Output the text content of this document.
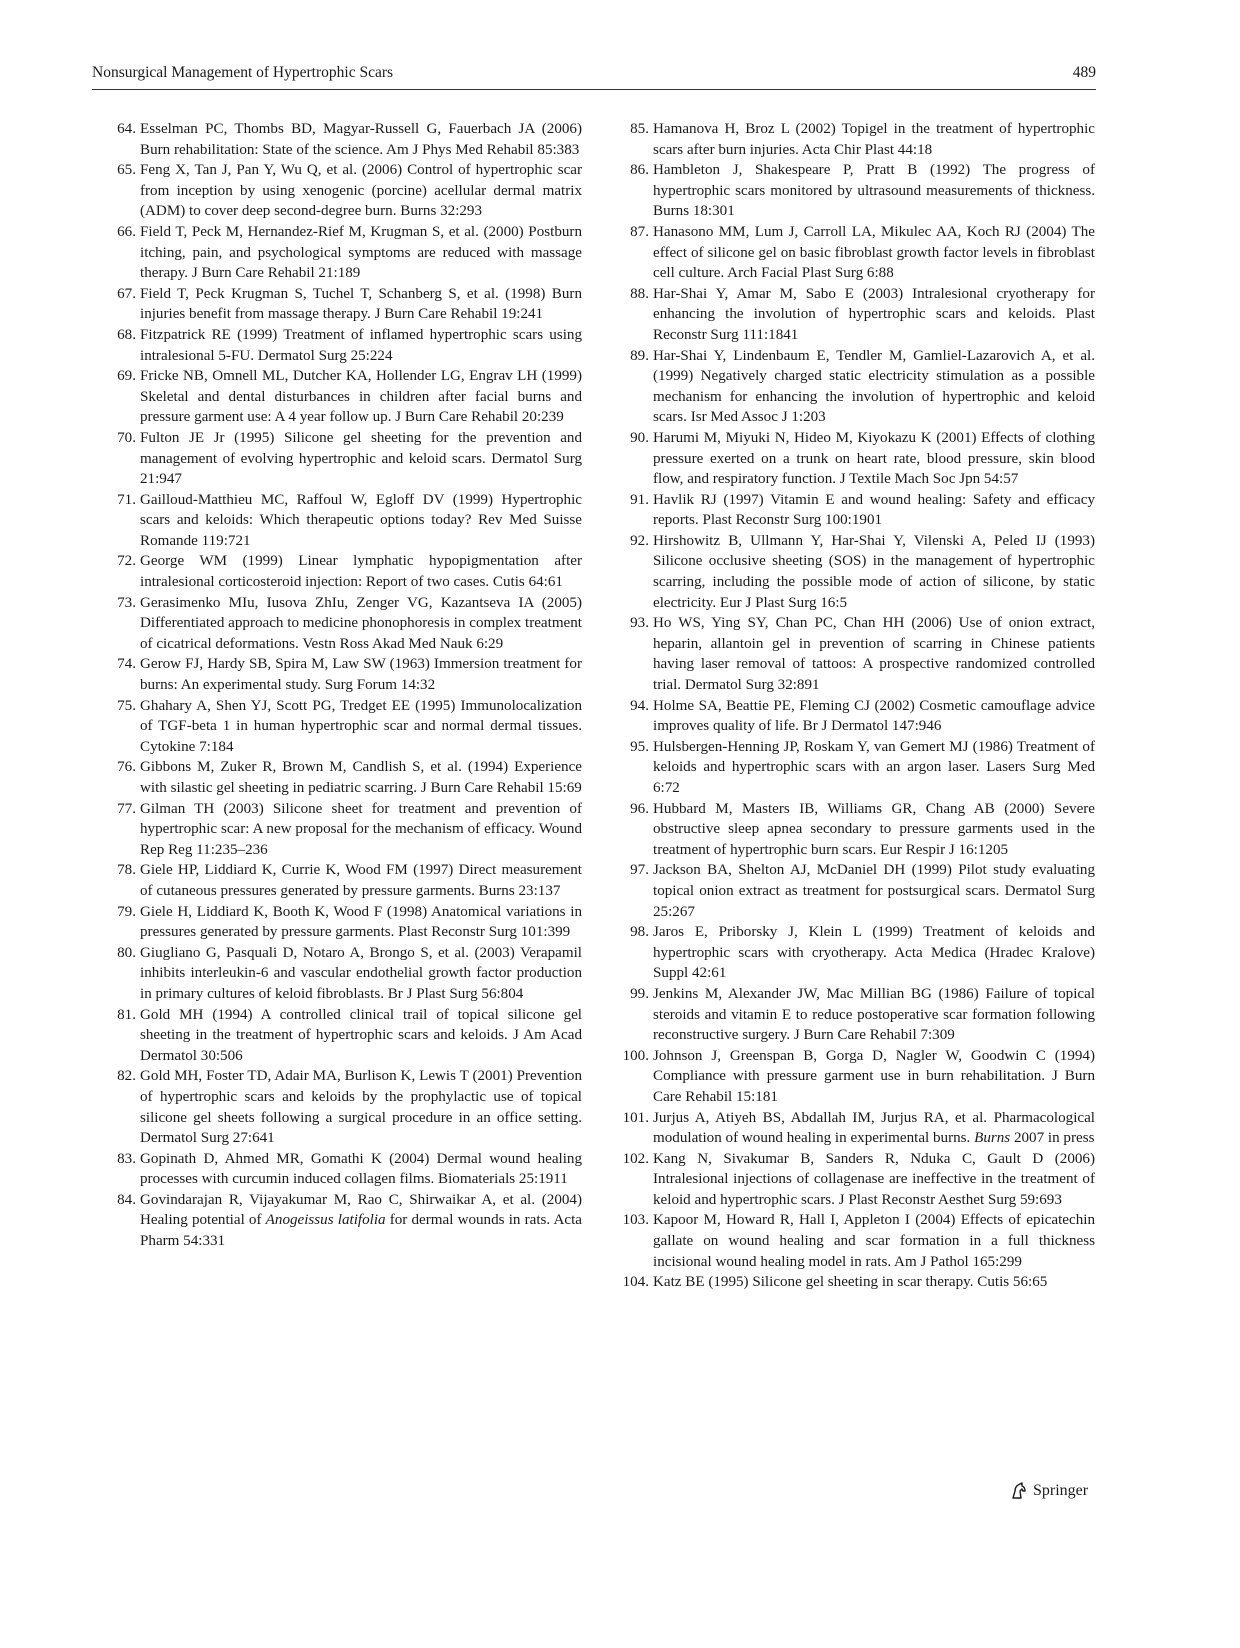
Nonsurgical Management of Hypertrophic Scars	489
64. Esselman PC, Thombs BD, Magyar-Russell G, Fauerbach JA (2006) Burn rehabilitation: State of the science. Am J Phys Med Rehabil 85:383
65. Feng X, Tan J, Pan Y, Wu Q, et al. (2006) Control of hypertrophic scar from inception by using xenogenic (porcine) acellular dermal matrix (ADM) to cover deep second-degree burn. Burns 32:293
66. Field T, Peck M, Hernandez-Rief M, Krugman S, et al. (2000) Postburn itching, pain, and psychological symptoms are reduced with massage therapy. J Burn Care Rehabil 21:189
67. Field T, Peck Krugman S, Tuchel T, Schanberg S, et al. (1998) Burn injuries benefit from massage therapy. J Burn Care Rehabil 19:241
68. Fitzpatrick RE (1999) Treatment of inflamed hypertrophic scars using intralesional 5-FU. Dermatol Surg 25:224
69. Fricke NB, Omnell ML, Dutcher KA, Hollender LG, Engrav LH (1999) Skeletal and dental disturbances in children after facial burns and pressure garment use: A 4 year follow up. J Burn Care Rehabil 20:239
70. Fulton JE Jr (1995) Silicone gel sheeting for the prevention and management of evolving hypertrophic and keloid scars. Dermatol Surg 21:947
71. Gailloud-Matthieu MC, Raffoul W, Egloff DV (1999) Hypertrophic scars and keloids: Which therapeutic options today? Rev Med Suisse Romande 119:721
72. George WM (1999) Linear lymphatic hypopigmentation after intralesional corticosteroid injection: Report of two cases. Cutis 64:61
73. Gerasimenko MIu, Iusova ZhIu, Zenger VG, Kazantseva IA (2005) Differentiated approach to medicine phonophoresis in complex treatment of cicatrical deformations. Vestn Ross Akad Med Nauk 6:29
74. Gerow FJ, Hardy SB, Spira M, Law SW (1963) Immersion treatment for burns: An experimental study. Surg Forum 14:32
75. Ghahary A, Shen YJ, Scott PG, Tredget EE (1995) Immunolocalization of TGF-beta 1 in human hypertrophic scar and normal dermal tissues. Cytokine 7:184
76. Gibbons M, Zuker R, Brown M, Candlish S, et al. (1994) Experience with silastic gel sheeting in pediatric scarring. J Burn Care Rehabil 15:69
77. Gilman TH (2003) Silicone sheet for treatment and prevention of hypertrophic scar: A new proposal for the mechanism of efficacy. Wound Rep Reg 11:235–236
78. Giele HP, Liddiard K, Currie K, Wood FM (1997) Direct measurement of cutaneous pressures generated by pressure garments. Burns 23:137
79. Giele H, Liddiard K, Booth K, Wood F (1998) Anatomical variations in pressures generated by pressure garments. Plast Reconstr Surg 101:399
80. Giugliano G, Pasquali D, Notaro A, Brongo S, et al. (2003) Verapamil inhibits interleukin-6 and vascular endothelial growth factor production in primary cultures of keloid fibroblasts. Br J Plast Surg 56:804
81. Gold MH (1994) A controlled clinical trail of topical silicone gel sheeting in the treatment of hypertrophic scars and keloids. J Am Acad Dermatol 30:506
82. Gold MH, Foster TD, Adair MA, Burlison K, Lewis T (2001) Prevention of hypertrophic scars and keloids by the prophylactic use of topical silicone gel sheets following a surgical procedure in an office setting. Dermatol Surg 27:641
83. Gopinath D, Ahmed MR, Gomathi K (2004) Dermal wound healing processes with curcumin induced collagen films. Biomaterials 25:1911
84. Govindarajan R, Vijayakumar M, Rao C, Shirwaikar A, et al. (2004) Healing potential of Anogeissus latifolia for dermal wounds in rats. Acta Pharm 54:331
85. Hamanova H, Broz L (2002) Topigel in the treatment of hypertrophic scars after burn injuries. Acta Chir Plast 44:18
86. Hambleton J, Shakespeare P, Pratt B (1992) The progress of hypertrophic scars monitored by ultrasound measurements of thickness. Burns 18:301
87. Hanasono MM, Lum J, Carroll LA, Mikulec AA, Koch RJ (2004) The effect of silicone gel on basic fibroblast growth factor levels in fibroblast cell culture. Arch Facial Plast Surg 6:88
88. Har-Shai Y, Amar M, Sabo E (2003) Intralesional cryotherapy for enhancing the involution of hypertrophic scars and keloids. Plast Reconstr Surg 111:1841
89. Har-Shai Y, Lindenbaum E, Tendler M, Gamliel-Lazarovich A, et al. (1999) Negatively charged static electricity stimulation as a possible mechanism for enhancing the involution of hypertrophic and keloid scars. Isr Med Assoc J 1:203
90. Harumi M, Miyuki N, Hideo M, Kiyokazu K (2001) Effects of clothing pressure exerted on a trunk on heart rate, blood pressure, skin blood flow, and respiratory function. J Textile Mach Soc Jpn 54:57
91. Havlik RJ (1997) Vitamin E and wound healing: Safety and efficacy reports. Plast Reconstr Surg 100:1901
92. Hirshowitz B, Ullmann Y, Har-Shai Y, Vilenski A, Peled IJ (1993) Silicone occlusive sheeting (SOS) in the management of hypertrophic scarring, including the possible mode of action of silicone, by static electricity. Eur J Plast Surg 16:5
93. Ho WS, Ying SY, Chan PC, Chan HH (2006) Use of onion extract, heparin, allantoin gel in prevention of scarring in Chinese patients having laser removal of tattoos: A prospective randomized controlled trial. Dermatol Surg 32:891
94. Holme SA, Beattie PE, Fleming CJ (2002) Cosmetic camouflage advice improves quality of life. Br J Dermatol 147:946
95. Hulsbergen-Henning JP, Roskam Y, van Gemert MJ (1986) Treatment of keloids and hypertrophic scars with an argon laser. Lasers Surg Med 6:72
96. Hubbard M, Masters IB, Williams GR, Chang AB (2000) Severe obstructive sleep apnea secondary to pressure garments used in the treatment of hypertrophic burn scars. Eur Respir J 16:1205
97. Jackson BA, Shelton AJ, McDaniel DH (1999) Pilot study evaluating topical onion extract as treatment for postsurgical scars. Dermatol Surg 25:267
98. Jaros E, Priborsky J, Klein L (1999) Treatment of keloids and hypertrophic scars with cryotherapy. Acta Medica (Hradec Kralove) Suppl 42:61
99. Jenkins M, Alexander JW, Mac Millian BG (1986) Failure of topical steroids and vitamin E to reduce postoperative scar formation following reconstructive surgery. J Burn Care Rehabil 7:309
100. Johnson J, Greenspan B, Gorga D, Nagler W, Goodwin C (1994) Compliance with pressure garment use in burn rehabilitation. J Burn Care Rehabil 15:181
101. Jurjus A, Atiyeh BS, Abdallah IM, Jurjus RA, et al. Pharmacological modulation of wound healing in experimental burns. Burns 2007 in press
102. Kang N, Sivakumar B, Sanders R, Nduka C, Gault D (2006) Intralesional injections of collagenase are ineffective in the treatment of keloid and hypertrophic scars. J Plast Reconstr Aesthet Surg 59:693
103. Kapoor M, Howard R, Hall I, Appleton I (2004) Effects of epicatechin gallate on wound healing and scar formation in a full thickness incisional wound healing model in rats. Am J Pathol 165:299
104. Katz BE (1995) Silicone gel sheeting in scar therapy. Cutis 56:65
Springer
